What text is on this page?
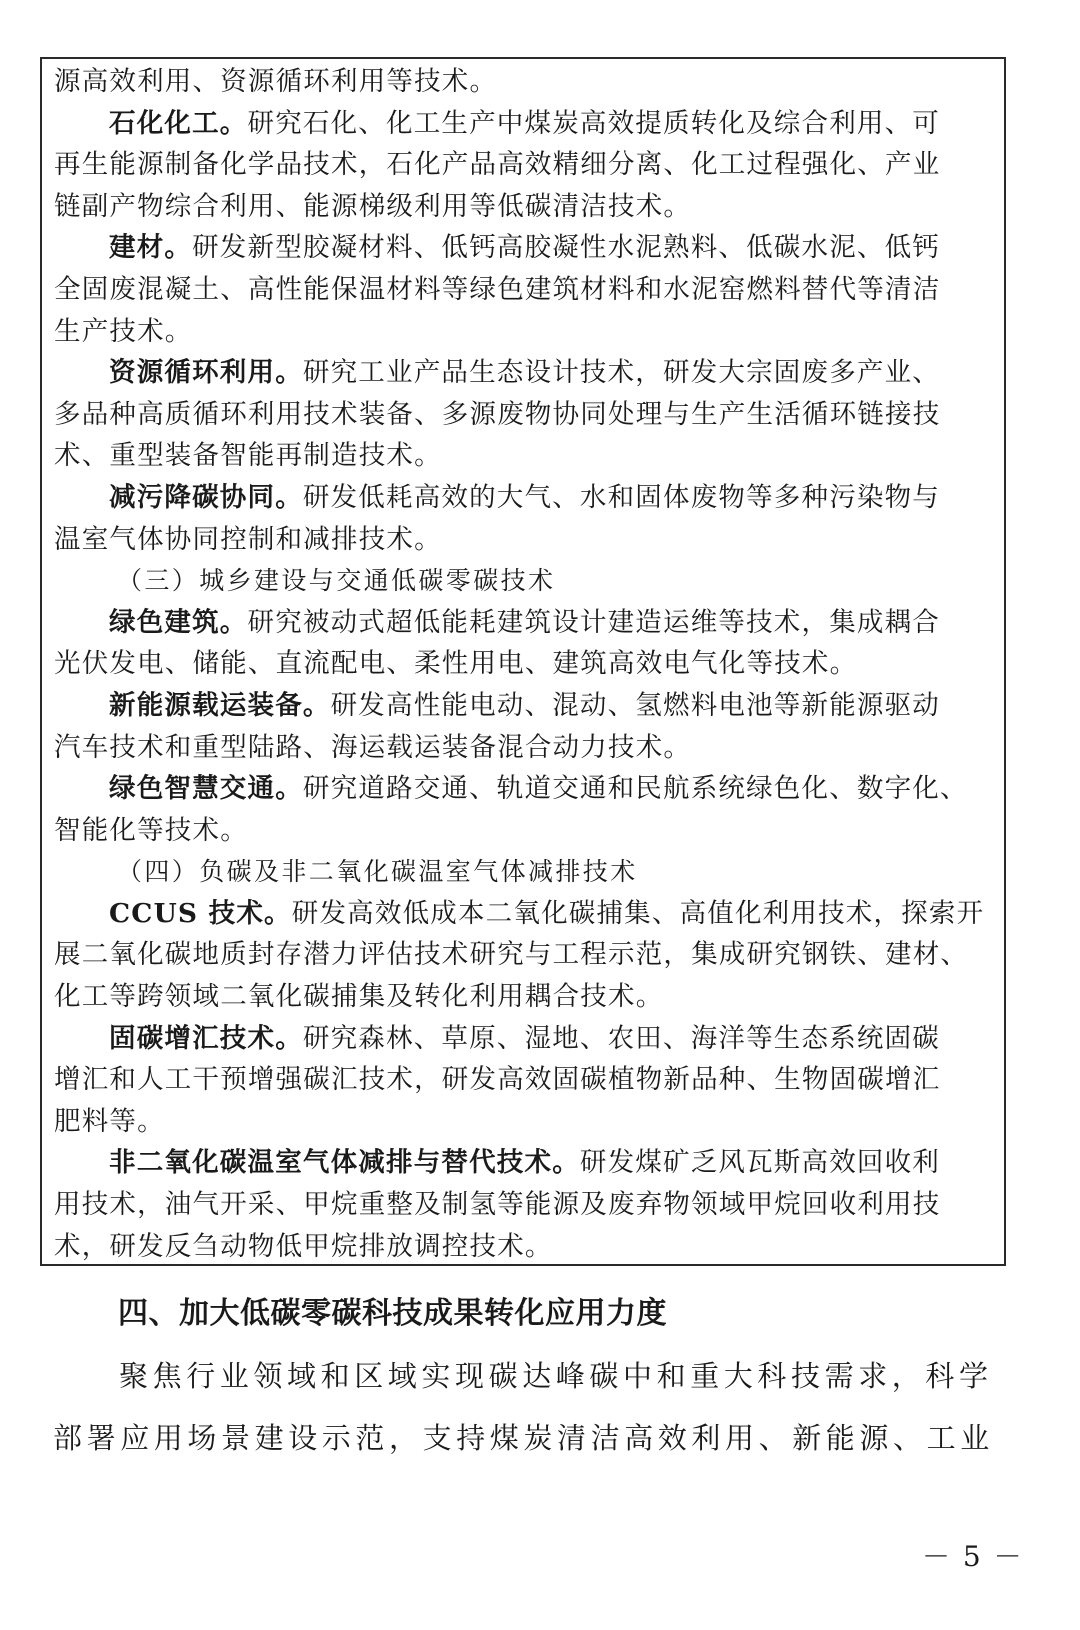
源高效利用、资源循环利用等技术。
石化化工。研究石化、化工生产中煤炭高效提质转化及综合利用、可
再生能源制备化学品技术，石化产品高效精细分离、化工过程强化、产业
链副产物综合利用、能源梯级利用等低碳清洁技术。
建材。研发新型胶凝材料、低钙高胶凝性水泥熟料、低碳水泥、低钙
全固废混凝土、高性能保温材料等绿色建筑材料和水泥窑燃料替代等清洁
生产技术。
资源循环利用。研究工业产品生态设计技术，研发大宗固废多产业、
多品种高质循环利用技术装备、多源废物协同处理与生产生活循环链接技
术、重型装备智能再制造技术。
减污降碳协同。研发低耗高效的大气、水和固体废物等多种污染物与
温室气体协同控制和减排技术。
（三）城乡建设与交通低碳零碳技术
绿色建筑。研究被动式超低能耗建筑设计建造运维等技术，集成耦合
光伏发电、储能、直流配电、柔性用电、建筑高效电气化等技术。
新能源载运装备。研发高性能电动、混动、氢燃料电池等新能源驱动
汽车技术和重型陆路、海运载运装备混合动力技术。
绿色智慧交通。研究道路交通、轨道交通和民航系统绿色化、数字化、
智能化等技术。
（四）负碳及非二氧化碳温室气体减排技术
CCUS 技术。研发高效低成本二氧化碳捕集、高值化利用技术，探索开
展二氧化碳地质封存潜力评估技术研究与工程示范，集成研究钢铁、建材、
化工等跨领域二氧化碳捕集及转化利用耦合技术。
固碳增汇技术。研究森林、草原、湿地、农田、海洋等生态系统固碳
增汇和人工干预增强碳汇技术，研发高效固碳植物新品种、生物固碳增汇
肥料等。
非二氧化碳温室气体减排与替代技术。研发煤矿乏风瓦斯高效回收利
用技术，油气开采、甲烷重整及制氢等能源及废弃物领域甲烷回收利用技
术，研发反刍动物低甲烷排放调控技术。
四、加大低碳零碳科技成果转化应用力度
聚焦行业领域和区域实现碳达峰碳中和重大科技需求，科学
部署应用场景建设示范，支持煤炭清洁高效利用、新能源、工业
－ 5 －
